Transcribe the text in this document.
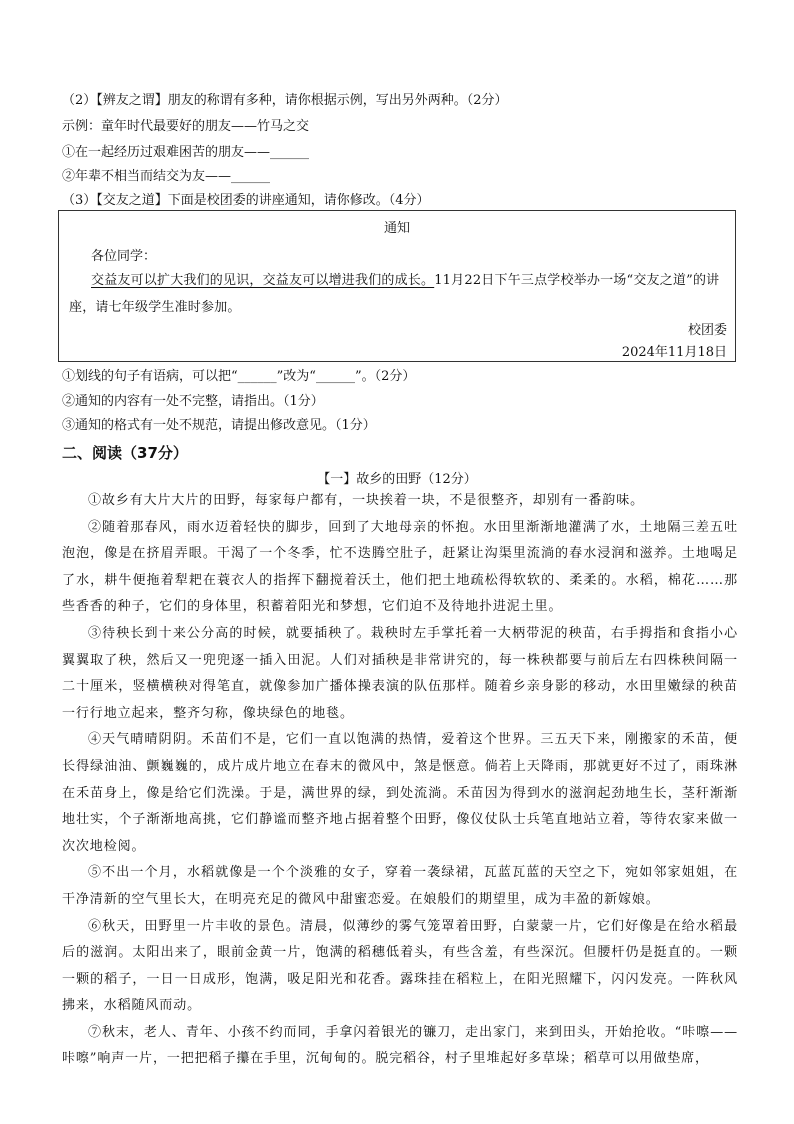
（2）【辨友之谓】朋友的称谓有多种，请你根据示例，写出另外两种。（2分）
示例：童年时代最要好的朋友——竹马之交
①在一起经历过艰难困苦的朋友——______
②年辈不相当而结交为友——______
（3）【交友之道】下面是校团委的讲座通知，请你修改。（4分）
通知
各位同学：
交益友可以扩大我们的见识，交益友可以增进我们的成长。11月22日下午三点学校举办一场“交友之道”的讲座，请七年级学生准时参加。
校团委
2024年11月18日
①划线的句子有语病，可以把“______”改为“______”。（2分）
②通知的内容有一处不完整，请指出。（1分）
③通知的格式有一处不规范，请提出修改意见。（1分）
二、阅读（37分）
【一】故乡的田野（12分）

①故乡有大片大片的田野，每家每户都有，一块挨着一块，不是很整齐，却别有一番韵味。

②随着那春风，雨水迈着轻快的脚步，回到了大地母亲的怀抱。水田里渐渐地灌满了水，土地隔三差五吐泡泡，像是在挤眉弄眼。干渴了一个冬季，忙不迭腾空肚子，赶紧让沟渠里流淌的春水浸润和滋养。土地喝足了水，耕牛便拖着犁耙在蓑衣人的指挥下翻搅着沃土，他们把土地疏松得软软的、柔柔的。水稻，棉花……那些香香的种子，它们的身体里，积蓄着阳光和梦想，它们迫不及待地扑进泥土里。

③待秧长到十来公分高的时候，就要插秧了。栽秧时左手掌托着一大柄带泥的秧苗，右手拇指和食指小心翼翼取了秧，然后又一兜兜逐一插入田泥。人们对插秧是非常讲究的，每一株秧都要与前后左右四株秧间隔一二十厘米，竖横横秧对得笔直，就像参加广播体操表演的队伍那样。随着乡亲身影的移动，水田里嫩绿的秧苗一行行地立起来，整齐匀称，像块绿色的地毯。

④天气晴晴阴阴。禾苗们不是，它们一直以饱满的热情，爱着这个世界。三五天下来，刚搬家的禾苗，便长得绿油油、颤巍巍的，成片成片地立在春末的微风中，煞是惬意。倘若上天降雨，那就更好不过了，雨珠淋在禾苗身上，像是给它们洗澡。于是，满世界的绿，到处流淌。禾苗因为得到水的滋润起劲地生长，茎秆渐渐地壮实，个子渐渐地高挑，它们静谧而整齐地占据着整个田野，像仪仗队士兵笔直地站立着，等待农家来做一次次地检阅。

⑤不出一个月，水稻就像是一个个淡雅的女子，穿着一袭绿裙，瓦蓝瓦蓝的天空之下，宛如邻家姐姐，在干净清新的空气里长大，在明亮充足的微风中甜蜜恋爱。在娘般们的期望里，成为丰盈的新嫁娘。

⑥秋天，田野里一片丰收的景色。清晨，似薄纱的雾气笼罩着田野，白蒙蒙一片，它们好像是在给水稻最后的滋润。太阳出来了，眼前金黄一片，饱满的稻穗低着头，有些含羞，有些深沉。但腰杆仍是挺直的。一颗一颗的稻子，一日一日成形，饱满，吸足阳光和花香。露珠挂在稻粒上，在阳光照耀下，闪闪发亮。一阵秋风拂来，水稻随风而动。

⑦秋末，老人、青年、小孩不约而同，手拿闪着银光的镰刀，走出家门，来到田头，开始抢收。“咔嚓——咔嚓”响声一片，一把把稻子攥在手里，沉甸甸的。脱完稻谷，村子里堆起好多草垛；稻草可以用做垫席，
